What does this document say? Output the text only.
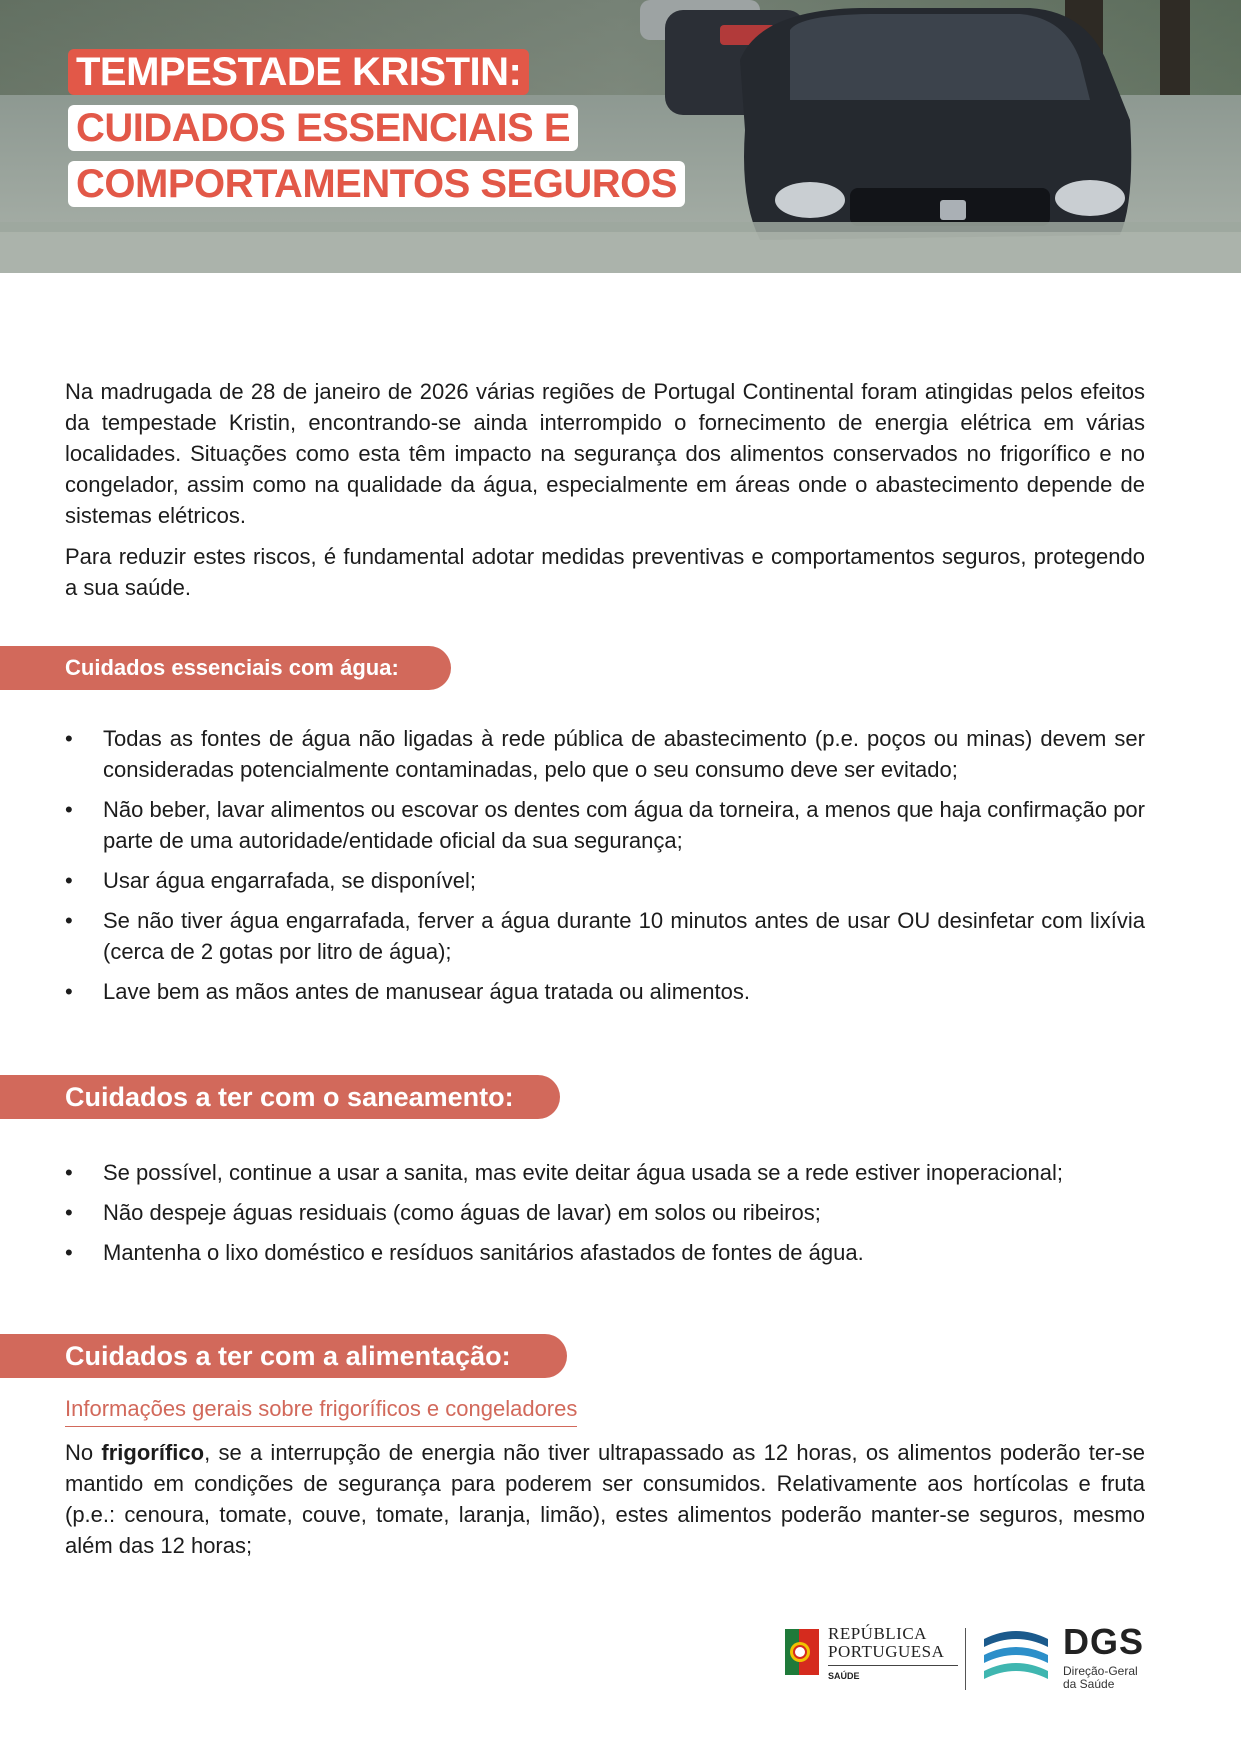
TEMPESTADE KRISTIN:
CUIDADOS ESSENCIAIS E
COMPORTAMENTOS SEGUROS

Na madrugada de 28 de janeiro de 2026 várias regiões de Portugal Continental foram atingidas pelos efeitos da tempestade Kristin, encontrando-se ainda interrompido o fornecimento de energia elétrica em várias localidades. Situações como esta têm impacto na segurança dos alimentos conservados no frigorífico e no congelador, assim como na qualidade da água, especialmente em áreas onde o abastecimento depende de sistemas elétricos.

Para reduzir estes riscos, é fundamental adotar medidas preventivas e comportamentos seguros, protegendo a sua saúde.

Cuidados essenciais com água:
• Todas as fontes de água não ligadas à rede pública de abastecimento (p.e. poços ou minas) devem ser consideradas potencialmente contaminadas, pelo que o seu consumo deve ser evitado;
• Não beber, lavar alimentos ou escovar os dentes com água da torneira, a menos que haja confirmação por parte de uma autoridade/entidade oficial da sua segurança;
• Usar água engarrafada, se disponível;
• Se não tiver água engarrafada, ferver a água durante 10 minutos antes de usar OU desinfetar com lixívia (cerca de 2 gotas por litro de água);
• Lave bem as mãos antes de manusear água tratada ou alimentos.
Cuidados a ter com o saneamento:
• Se possível, continue a usar a sanita, mas evite deitar água usada se a rede estiver inoperacional;
• Não despeje águas residuais (como águas de lavar) em solos ou ribeiros;
• Mantenha o lixo doméstico e resíduos sanitários afastados de fontes de água.
Cuidados a ter com a alimentação:
Informações gerais sobre frigoríficos e congeladores

No frigorífico, se a interrupção de energia não tiver ultrapassado as 12 horas, os alimentos poderão ter-se mantido em condições de segurança para poderem ser consumidos. Relativamente aos hortícolas e fruta (p.e.: cenoura, tomate, couve, tomate, laranja, limão), estes alimentos poderão manter-se seguros, mesmo além das 12 horas;

REPÚBLICA
PORTUGUESA
SAÚDE
DGS
Direção-Geral
da Saúde
